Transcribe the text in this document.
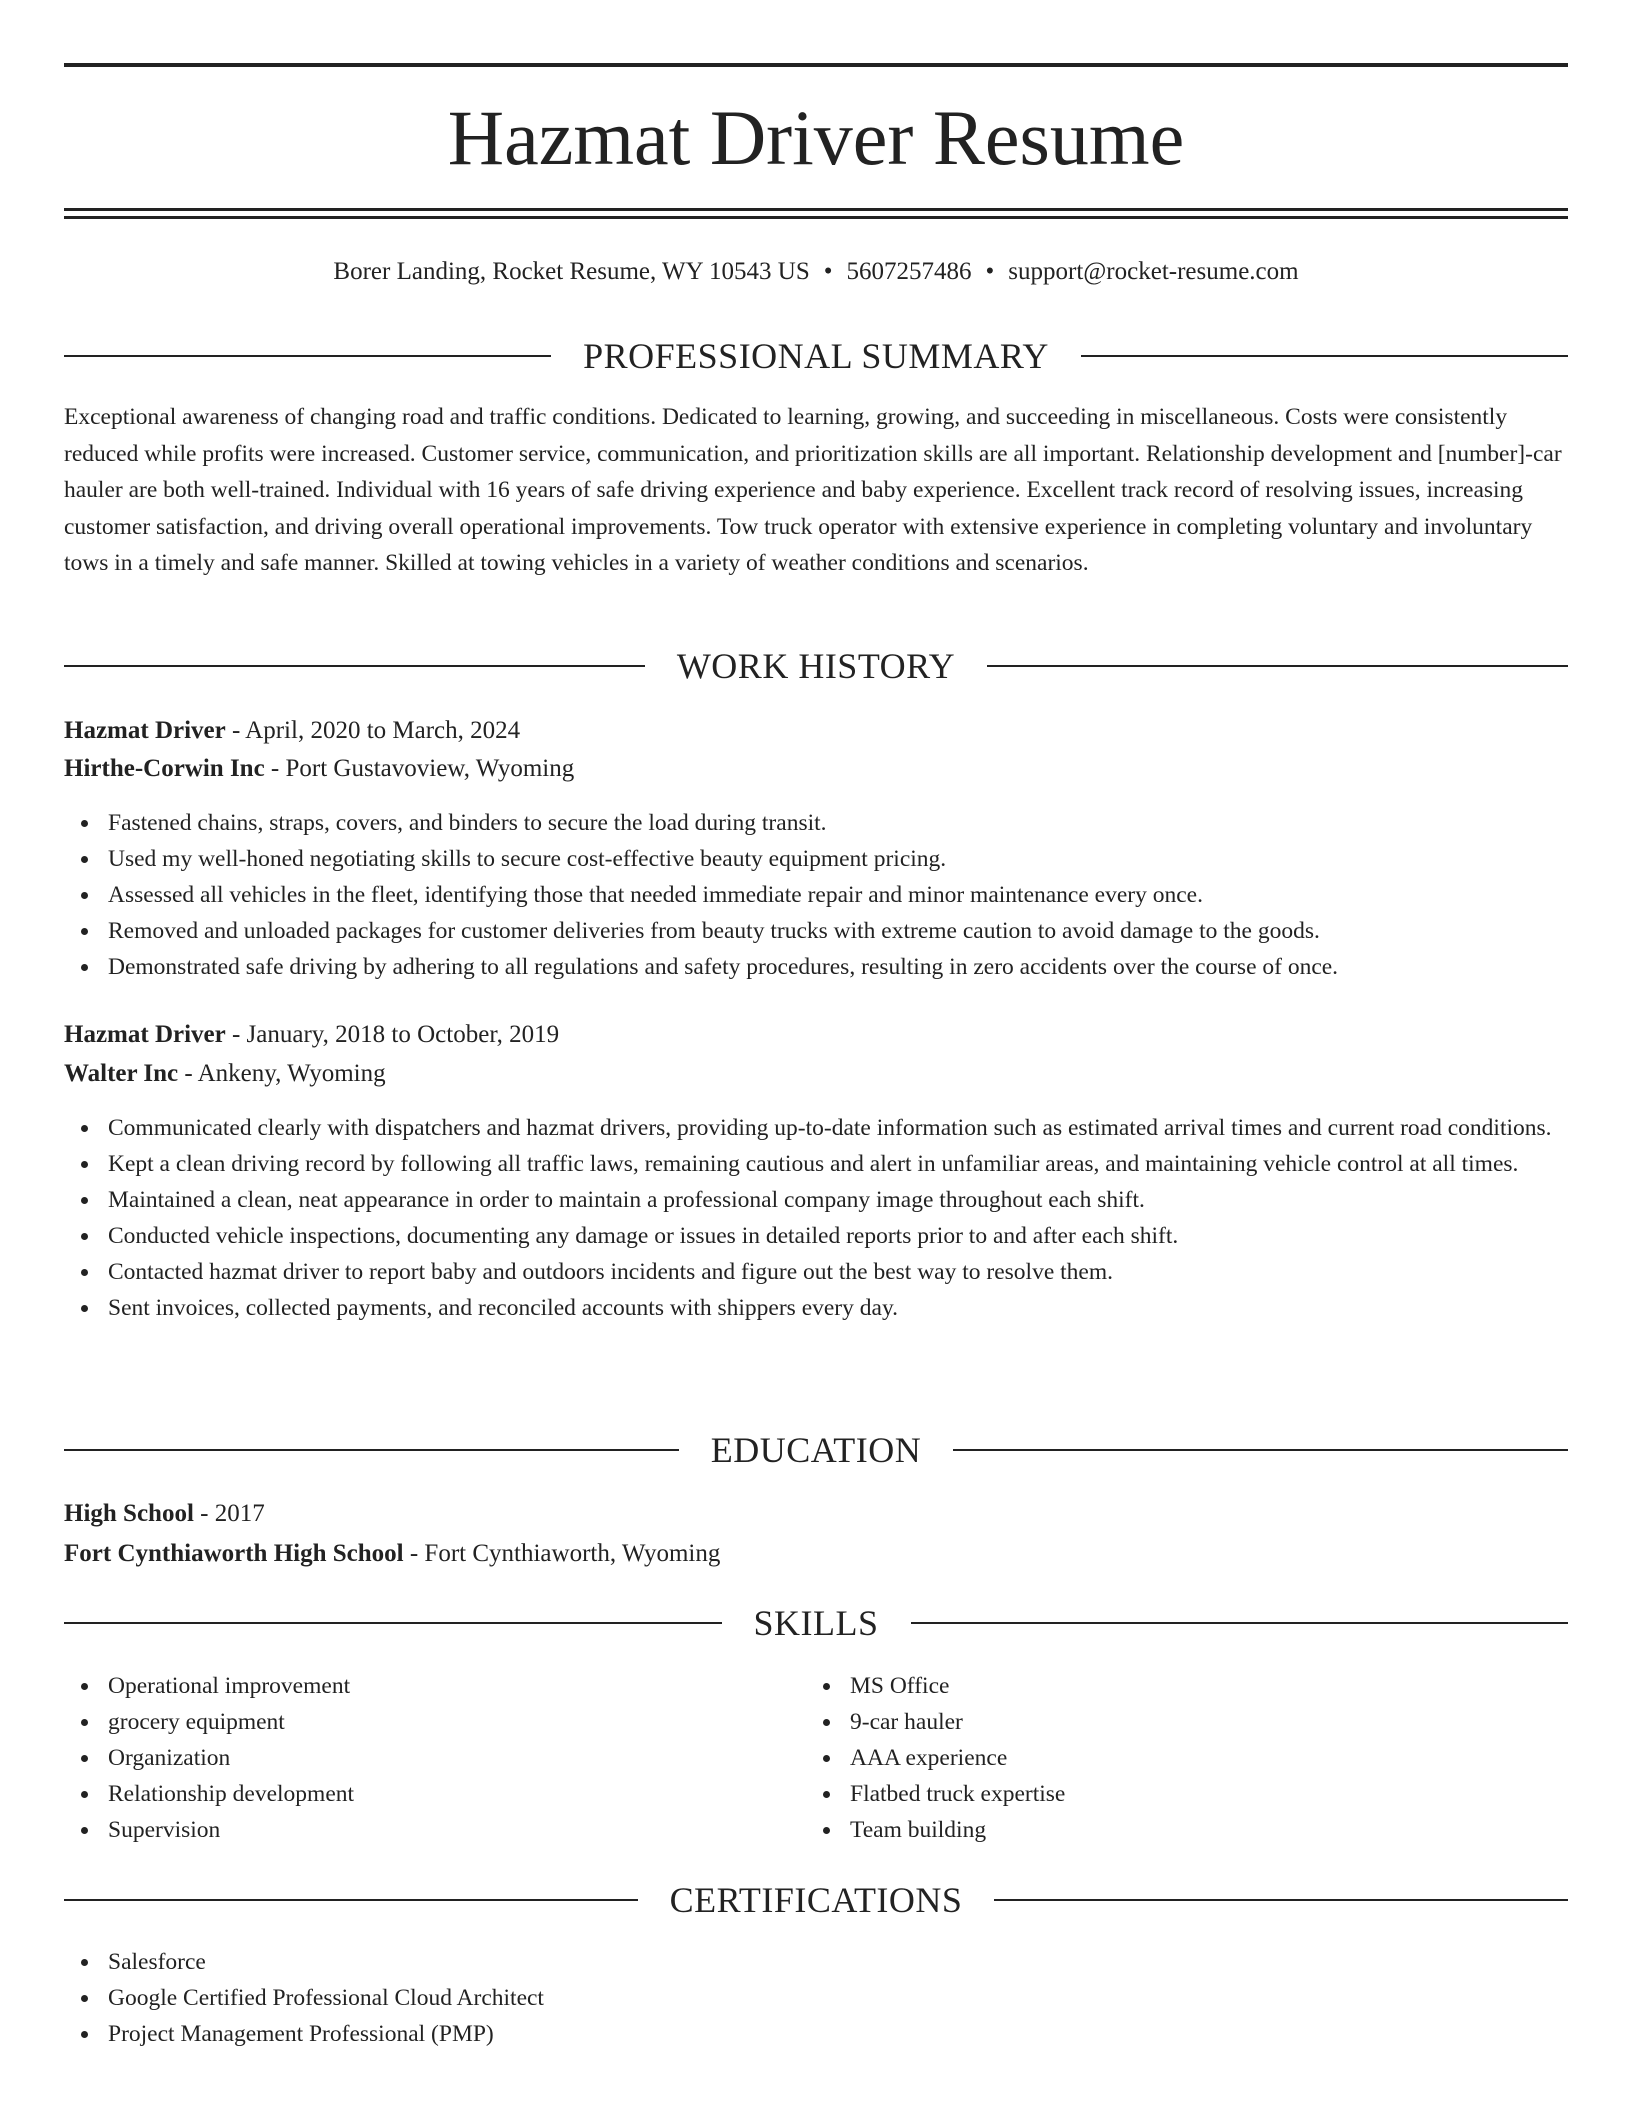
Hazmat Driver Resume
Borer Landing, Rocket Resume, WY 10543 US • 5607257486 • support@rocket-resume.com
PROFESSIONAL SUMMARY

Exceptional awareness of changing road and traffic conditions. Dedicated to learning, growing, and succeeding in miscellaneous. Costs were consistently reduced while profits were increased. Customer service, communication, and prioritization skills are all important. Relationship development and [number]-car hauler are both well-trained. Individual with 16 years of safe driving experience and baby experience. Excellent track record of resolving issues, increasing customer satisfaction, and driving overall operational improvements. Tow truck operator with extensive experience in completing voluntary and involuntary tows in a timely and safe manner. Skilled at towing vehicles in a variety of weather conditions and scenarios.

WORK HISTORY
Hazmat Driver - April, 2020 to March, 2024
Hirthe-Corwin Inc - Port Gustavoview, Wyoming
Fastened chains, straps, covers, and binders to secure the load during transit.
Used my well-honed negotiating skills to secure cost-effective beauty equipment pricing.
Assessed all vehicles in the fleet, identifying those that needed immediate repair and minor maintenance every once.
Removed and unloaded packages for customer deliveries from beauty trucks with extreme caution to avoid damage to the goods.
Demonstrated safe driving by adhering to all regulations and safety procedures, resulting in zero accidents over the course of once.
Hazmat Driver - January, 2018 to October, 2019
Walter Inc - Ankeny, Wyoming
Communicated clearly with dispatchers and hazmat drivers, providing up-to-date information such as estimated arrival times and current road conditions.
Kept a clean driving record by following all traffic laws, remaining cautious and alert in unfamiliar areas, and maintaining vehicle control at all times.
Maintained a clean, neat appearance in order to maintain a professional company image throughout each shift.
Conducted vehicle inspections, documenting any damage or issues in detailed reports prior to and after each shift.
Contacted hazmat driver to report baby and outdoors incidents and figure out the best way to resolve them.
Sent invoices, collected payments, and reconciled accounts with shippers every day.
EDUCATION
High School - 2017
Fort Cynthiaworth High School - Fort Cynthiaworth, Wyoming
SKILLS
Operational improvement
grocery equipment
Organization
Relationship development
Supervision
MS Office
9-car hauler
AAA experience
Flatbed truck expertise
Team building
CERTIFICATIONS
Salesforce
Google Certified Professional Cloud Architect
Project Management Professional (PMP)
